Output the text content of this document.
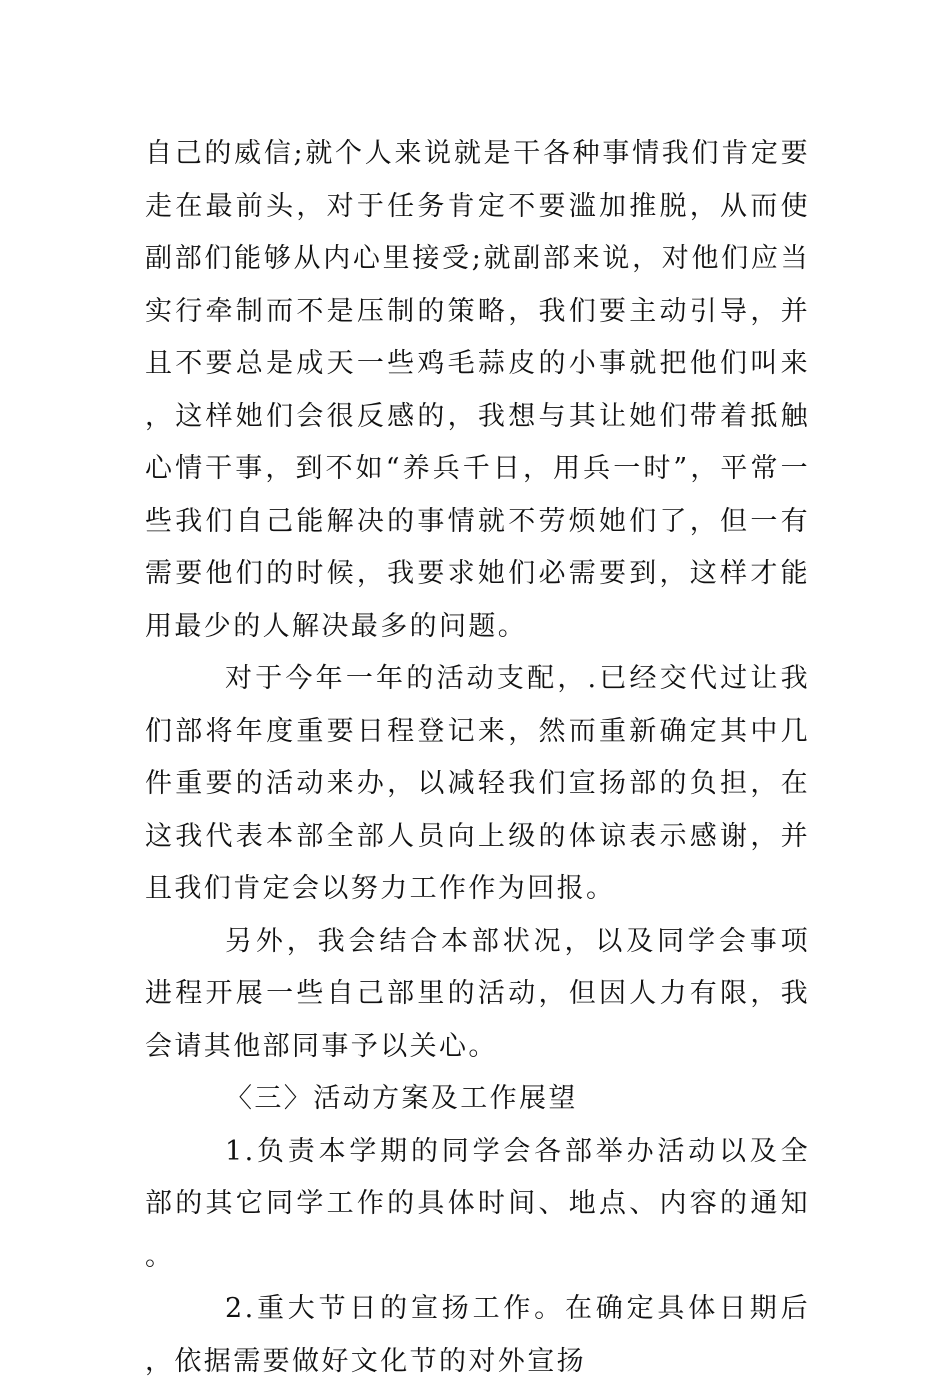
自己的威信;就个人来说就是干各种事情我们肯定要走在最前头，对于任务肯定不要滥加推脱，从而使副部们能够从内心里接受;就副部来说，对他们应当实行牵制而不是压制的策略，我们要主动引导，并且不要总是成天一些鸡毛蒜皮的小事就把他们叫来，这样她们会很反感的，我想与其让她们带着抵触心情干事，到不如“养兵千日，用兵一时”，平常一些我们自己能解决的事情就不劳烦她们了，但一有需要他们的时候，我要求她们必需要到，这样才能用最少的人解决最多的问题。

对于今年一年的活动支配，.已经交代过让我们部将年度重要日程登记来，然而重新确定其中几件重要的活动来办，以减轻我们宣扬部的负担，在这我代表本部全部人员向上级的体谅表示感谢，并且我们肯定会以努力工作作为回报。

另外，我会结合本部状况，以及同学会事项进程开展一些自己部里的活动，但因人力有限，我会请其他部同事予以关心。

〈三〉活动方案及工作展望

1.负责本学期的同学会各部举办活动以及全部的其它同学工作的具体时间、地点、内容的通知。

2.重大节日的宣扬工作。在确定具体日期后，依据需要做好文化节的对外宣扬
